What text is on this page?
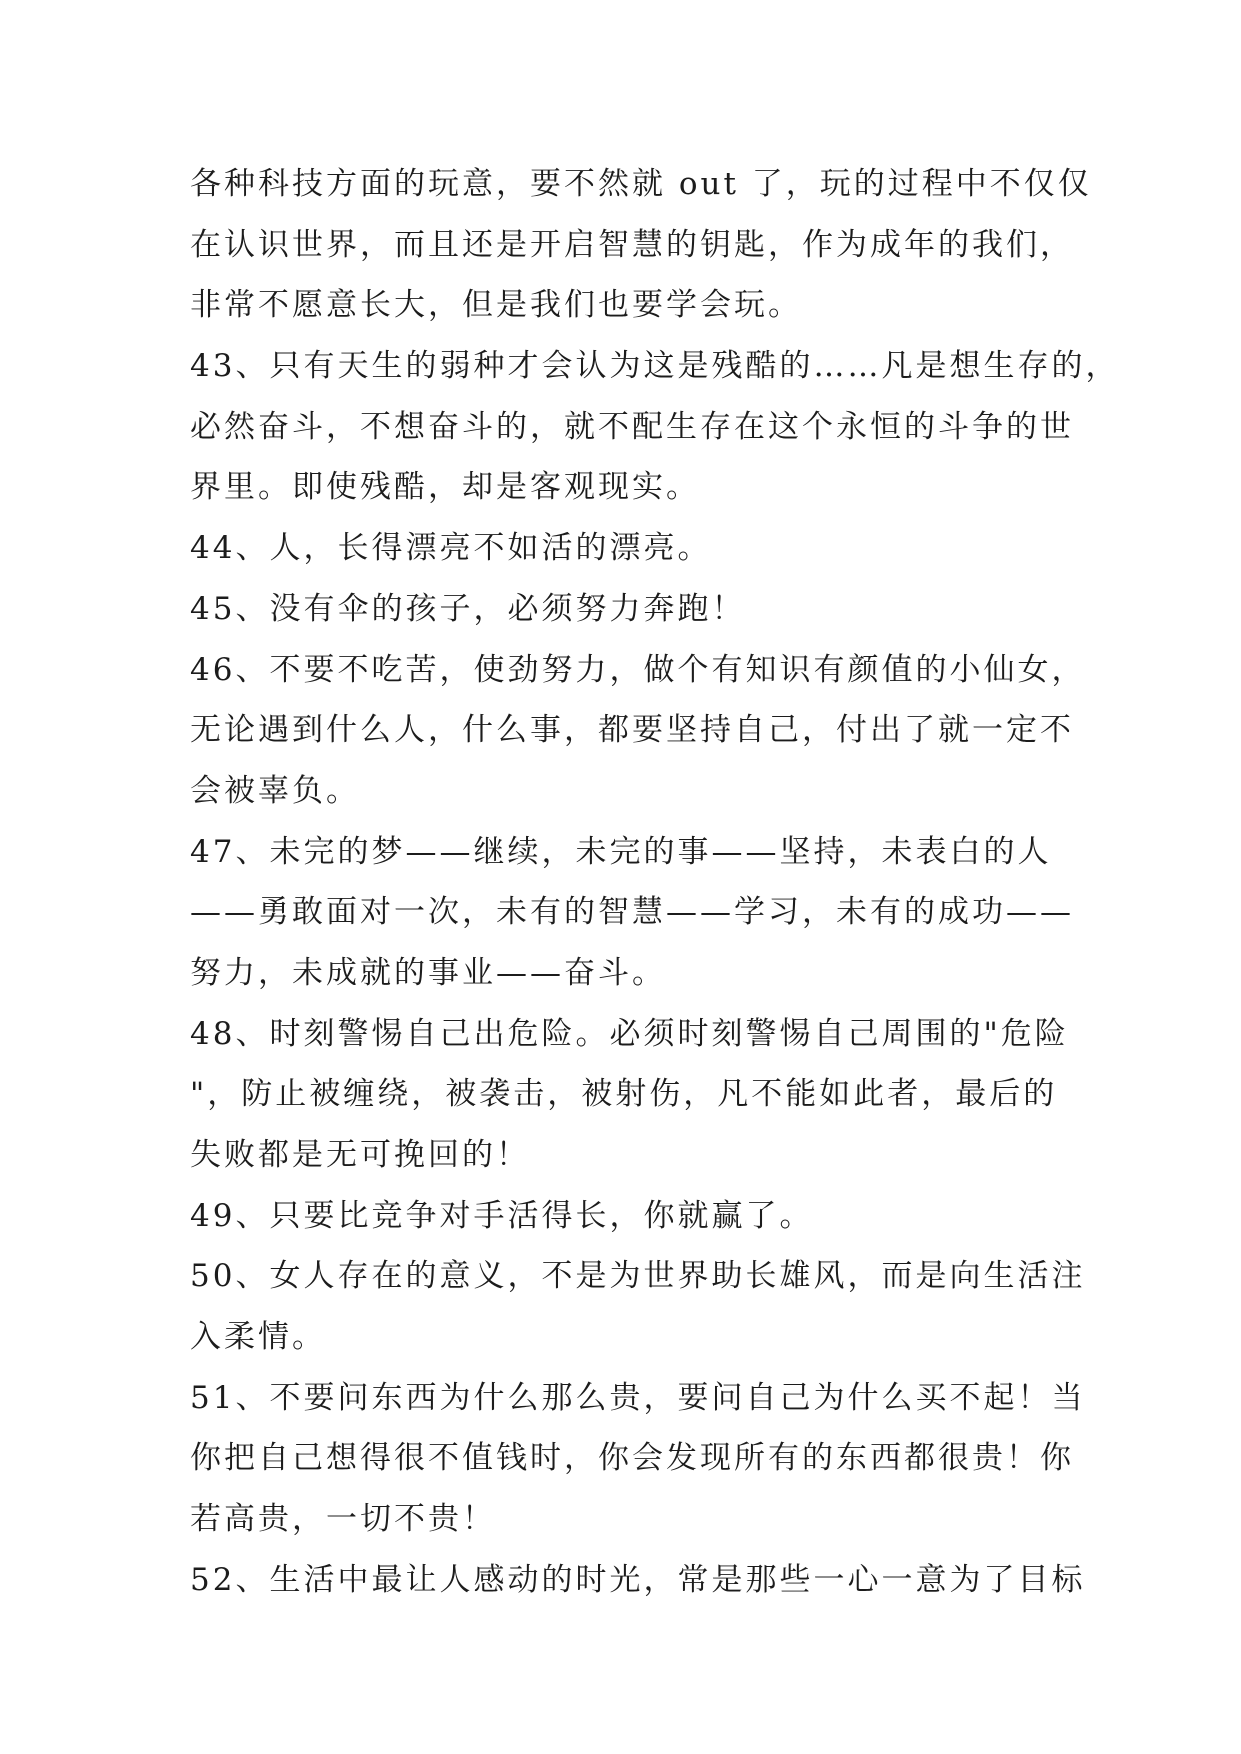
各种科技方面的玩意，要不然就 out 了，玩的过程中不仅仅
在认识世界，而且还是开启智慧的钥匙，作为成年的我们，
非常不愿意长大，但是我们也要学会玩。
43、只有天生的弱种才会认为这是残酷的……凡是想生存的，
必然奋斗，不想奋斗的，就不配生存在这个永恒的斗争的世
界里。即使残酷，却是客观现实。
44、人，长得漂亮不如活的漂亮。
45、没有伞的孩子，必须努力奔跑！
46、不要不吃苦，使劲努力，做个有知识有颜值的小仙女，
无论遇到什么人，什么事，都要坚持自己，付出了就一定不
会被辜负。
47、未完的梦——继续，未完的事——坚持，未表白的人
——勇敢面对一次，未有的智慧——学习，未有的成功——
努力，未成就的事业——奋斗。
48、时刻警惕自己出危险。必须时刻警惕自己周围的"危险
"，防止被缠绕，被袭击，被射伤，凡不能如此者，最后的
失败都是无可挽回的！
49、只要比竞争对手活得长，你就赢了。
50、女人存在的意义，不是为世界助长雄风，而是向生活注
入柔情。
51、不要问东西为什么那么贵，要问自己为什么买不起！当
你把自己想得很不值钱时，你会发现所有的东西都很贵！你
若高贵，一切不贵！
52、生活中最让人感动的时光，常是那些一心一意为了目标
